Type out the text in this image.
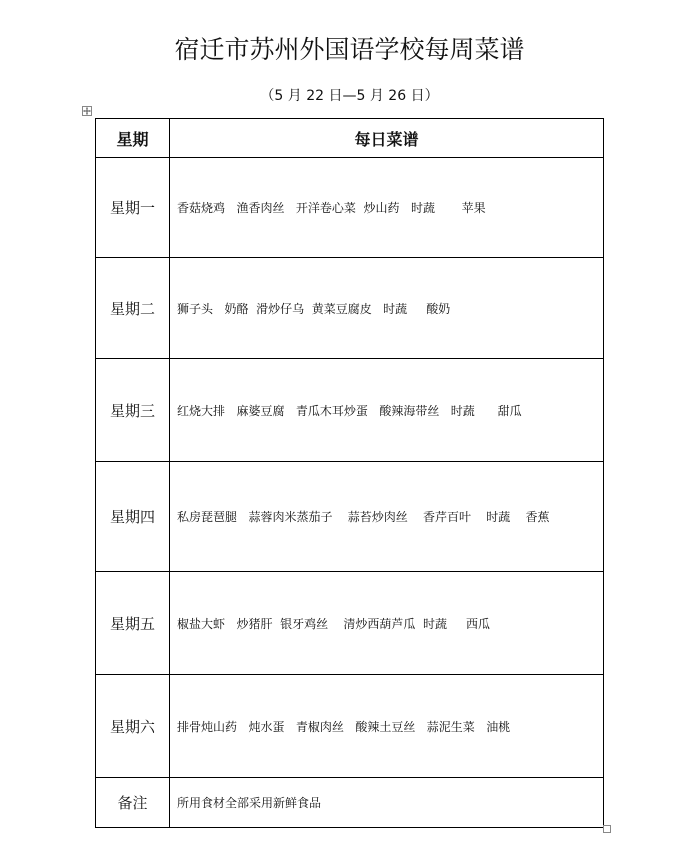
宿迁市苏州外国语学校每周菜谱
（5 月 22 日—5 月 26 日）
星期	每日菜谱
星期一	香菇烧鸡   渔香肉丝   开洋卷心菜  炒山药   时蔬       苹果
星期二	狮子头   奶酪  滑炒仔乌  黄菜豆腐皮   时蔬     酸奶
星期三	红烧大排   麻婆豆腐   青瓜木耳炒蛋   酸辣海带丝   时蔬      甜瓜
星期四	私房琵琶腿   蒜蓉肉米蒸茄子    蒜苔炒肉丝    香芹百叶    时蔬    香蕉
星期五	椒盐大虾   炒猪肝  银牙鸡丝    清炒西葫芦瓜  时蔬     西瓜
星期六	排骨炖山药   炖水蛋   青椒肉丝   酸辣土豆丝   蒜泥生菜   油桃
备注	所用食材全部采用新鲜食品
